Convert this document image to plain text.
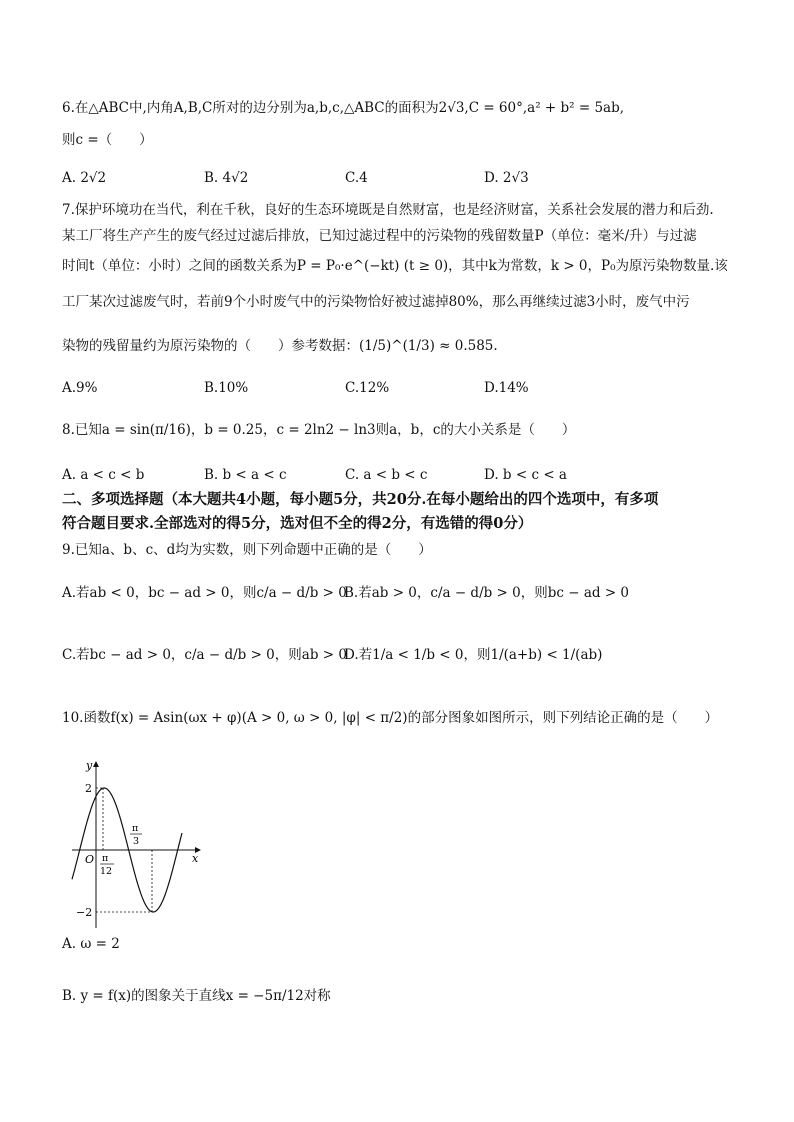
6.在△ABC中,内角A,B,C所对的边分别为a,b,c,△ABC的面积为2√3,C = 60°,a² + b² = 5ab,
则c =（　　）
A. 2√2	B. 4√2	C.4	D. 2√3
7.保护环境功在当代，利在千秋，良好的生态环境既是自然财富，也是经济财富，关系社会发展的潜力和后劲.
某工厂将生产产生的废气经过过滤后排放，已知过滤过程中的污染物的残留数量P（单位：毫米/升）与过滤
时间t（单位：小时）之间的函数关系为P = P₀·e^(−kt) (t ≥ 0)，其中k为常数，k > 0，P₀为原污染物数量.该
工厂某次过滤废气时，若前9个小时废气中的污染物恰好被过滤掉80%，那么再继续过滤3小时，废气中污
染物的残留量约为原污染物的（　　）参考数据：(1/5)^(1/3) ≈ 0.585.
A.9%	B.10%	C.12%	D.14%
8.已知a = sin(π/16)，b = 0.25，c = 2ln2 − ln3则a，b，c的大小关系是（　　）
A. a < c < b	B. b < a < c	C. a < b < c	D. b < c < a
二、多项选择题（本大题共4小题，每小题5分，共20分.在每小题给出的四个选项中，有多项
符合题目要求.全部选对的得5分，选对但不全的得2分，有选错的得0分）
9.已知a、b、c、d均为实数，则下列命题中正确的是（　　）
A.若ab < 0，bc − ad > 0，则c/a − d/b > 0
B.若ab > 0，c/a − d/b > 0，则bc − ad > 0
C.若bc − ad > 0，c/a − d/b > 0，则ab > 0
D.若1/a < 1/b < 0，则1/(a+b) < 1/(ab)
10.函数f(x) = Asin(ωx + φ)(A > 0, ω > 0, |φ| < π/2)的部分图象如图所示，则下列结论正确的是（　　）
y
x
O
2
−2
π
12
π
3
A. ω = 2
B. y = f(x)的图象关于直线x = −5π/12对称
